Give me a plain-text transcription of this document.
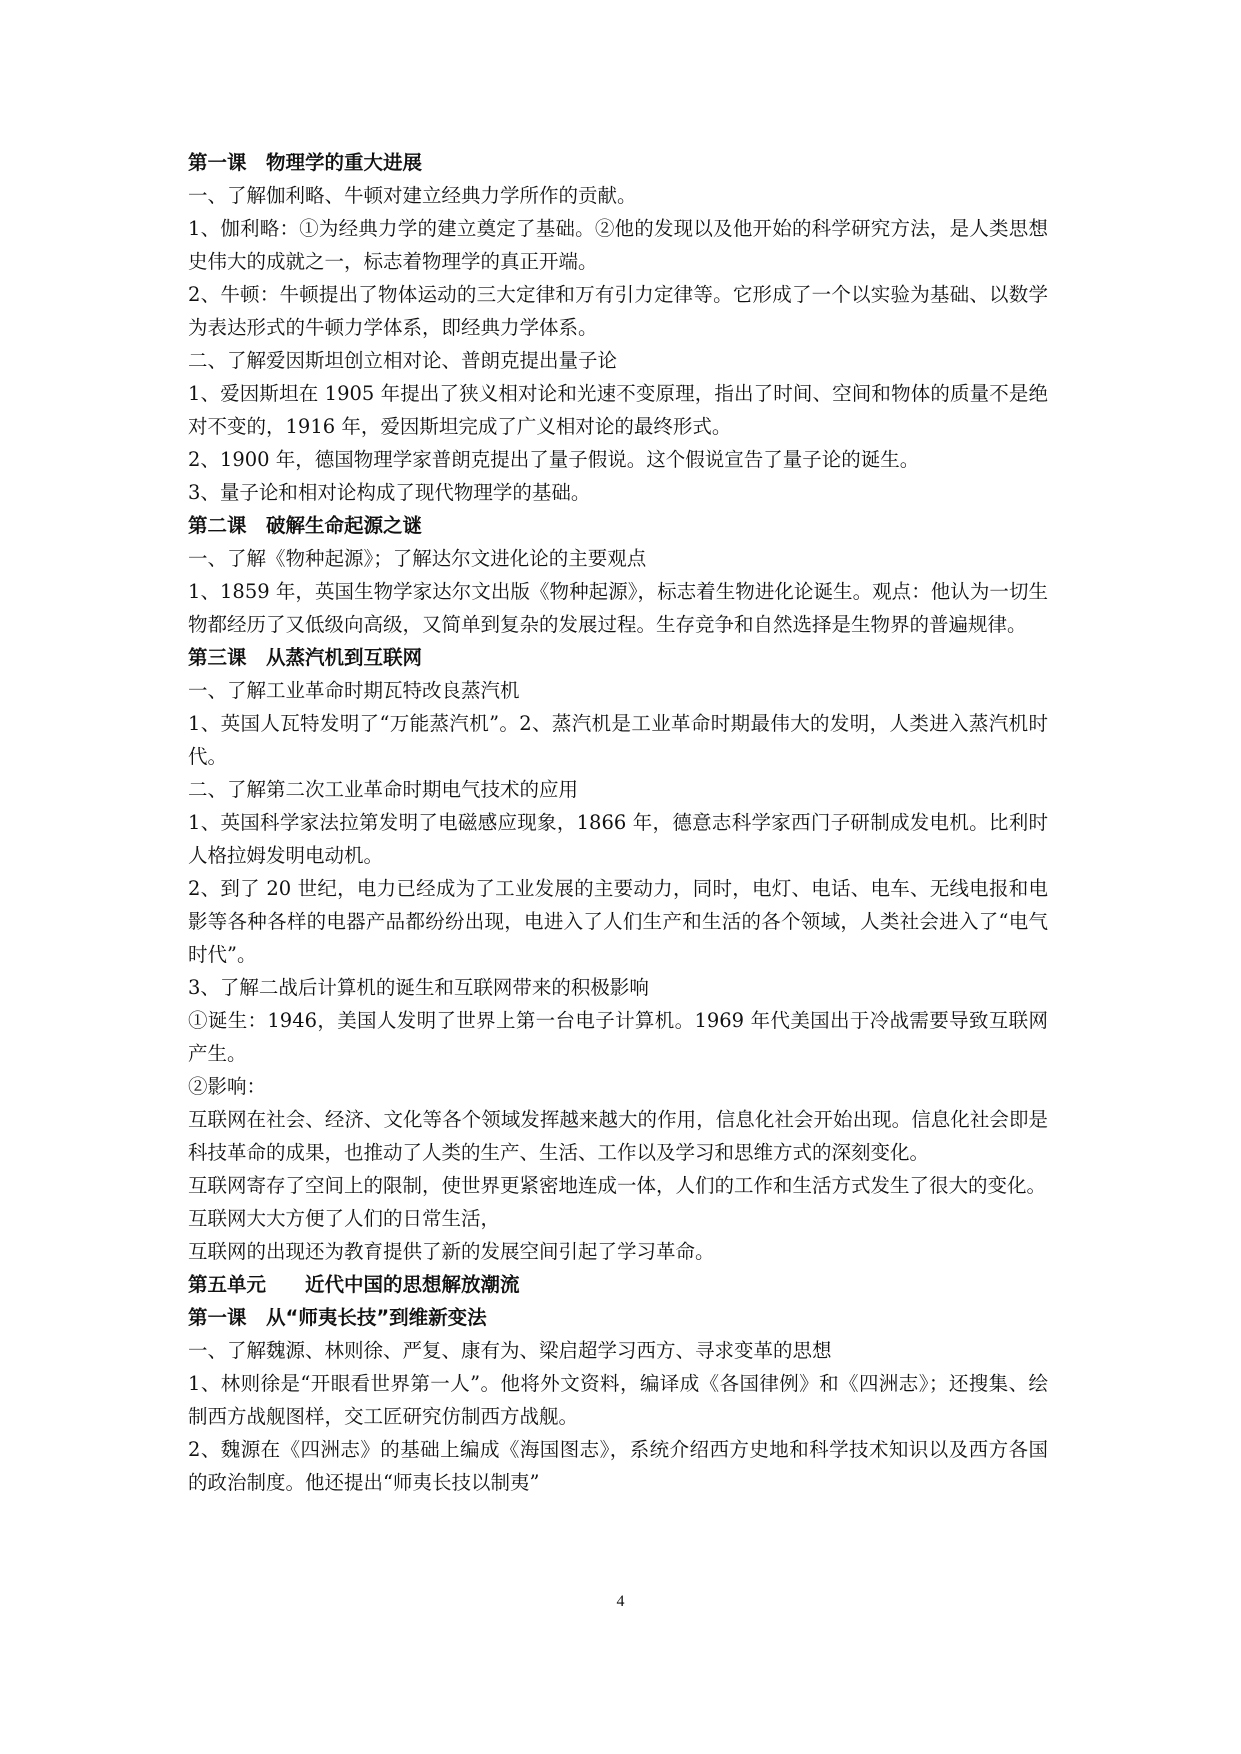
第一课　物理学的重大进展
一、了解伽利略、牛顿对建立经典力学所作的贡献。
1、伽利略：①为经典力学的建立奠定了基础。②他的发现以及他开始的科学研究方法，是人类思想史伟大的成就之一，标志着物理学的真正开端。
2、牛顿：牛顿提出了物体运动的三大定律和万有引力定律等。它形成了一个以实验为基础、以数学为表达形式的牛顿力学体系，即经典力学体系。
二、了解爱因斯坦创立相对论、普朗克提出量子论
1、爱因斯坦在 1905 年提出了狭义相对论和光速不变原理，指出了时间、空间和物体的质量不是绝对不变的，1916 年，爱因斯坦完成了广义相对论的最终形式。
2、1900 年，德国物理学家普朗克提出了量子假说。这个假说宣告了量子论的诞生。
3、量子论和相对论构成了现代物理学的基础。
第二课　破解生命起源之谜
一、了解《物种起源》；了解达尔文进化论的主要观点
1、1859 年，英国生物学家达尔文出版《物种起源》，标志着生物进化论诞生。观点：他认为一切生物都经历了又低级向高级，又简单到复杂的发展过程。生存竞争和自然选择是生物界的普遍规律。
第三课　从蒸汽机到互联网
一、了解工业革命时期瓦特改良蒸汽机
1、英国人瓦特发明了“万能蒸汽机”。2、蒸汽机是工业革命时期最伟大的发明，人类进入蒸汽机时代。
二、了解第二次工业革命时期电气技术的应用
1、英国科学家法拉第发明了电磁感应现象，1866 年，德意志科学家西门子研制成发电机。比利时人格拉姆发明电动机。
2、到了 20 世纪，电力已经成为了工业发展的主要动力，同时，电灯、电话、电车、无线电报和电影等各种各样的电器产品都纷纷出现，电进入了人们生产和生活的各个领域，人类社会进入了“电气时代”。
3、了解二战后计算机的诞生和互联网带来的积极影响
①诞生：1946，美国人发明了世界上第一台电子计算机。1969 年代美国出于冷战需要导致互联网产生。
②影响：
互联网在社会、经济、文化等各个领域发挥越来越大的作用，信息化社会开始出现。信息化社会即是科技革命的成果，也推动了人类的生产、生活、工作以及学习和思维方式的深刻变化。
互联网寄存了空间上的限制，使世界更紧密地连成一体，人们的工作和生活方式发生了很大的变化。
互联网大大方便了人们的日常生活，
互联网的出现还为教育提供了新的发展空间引起了学习革命。
第五单元　　近代中国的思想解放潮流
第一课　从“师夷长技”到维新变法
一、了解魏源、林则徐、严复、康有为、梁启超学习西方、寻求变革的思想
1、林则徐是“开眼看世界第一人”。他将外文资料，编译成《各国律例》和《四洲志》；还搜集、绘制西方战舰图样，交工匠研究仿制西方战舰。
2、魏源在《四洲志》的基础上编成《海国图志》，系统介绍西方史地和科学技术知识以及西方各国的政治制度。他还提出“师夷长技以制夷”
4
